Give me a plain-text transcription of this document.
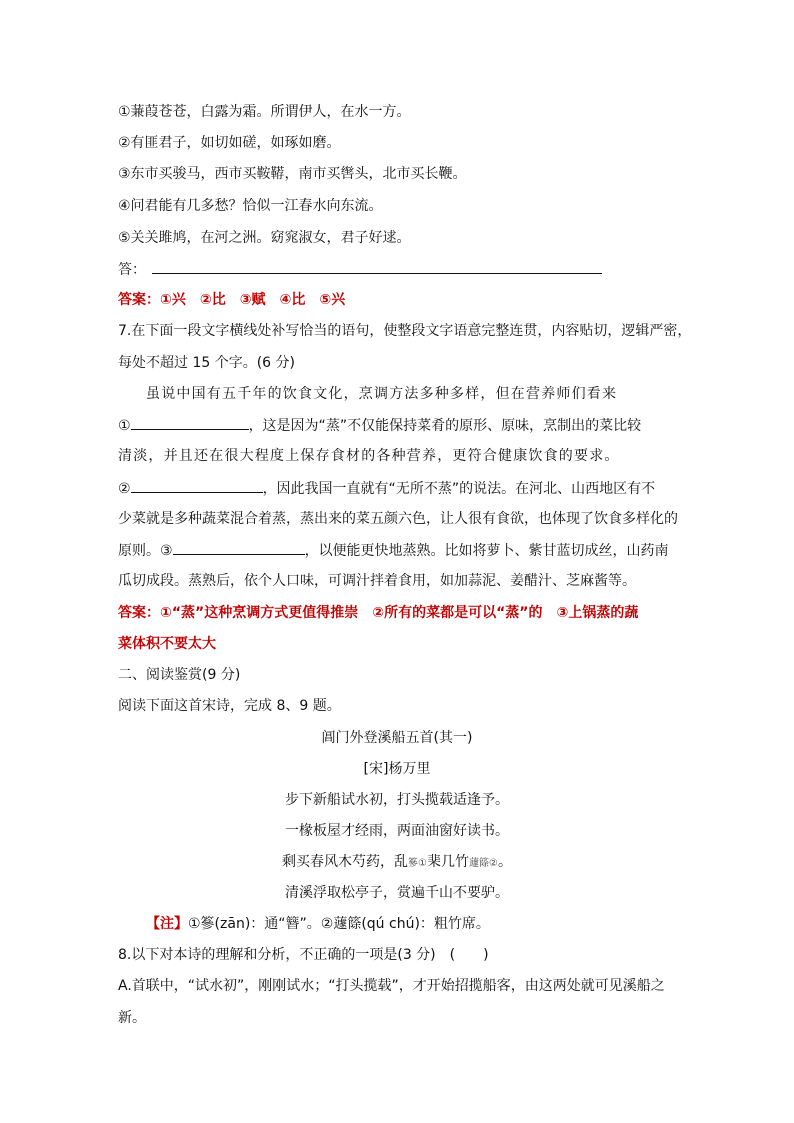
①蒹葭苍苍，白露为霜。所谓伊人，在水一方。
②有匪君子，如切如磋，如琢如磨。
③东市买骏马，西市买鞍鞯，南市买辔头，北市买长鞭。
④问君能有几多愁？恰似一江春水向东流。
⑤关关雎鸠，在河之洲。窈窕淑女，君子好逑。
答：
答案：①兴　②比　③赋　④比　⑤兴
7.在下面一段文字横线处补写恰当的语句，使整段文字语意完整连贯，内容贴切，逻辑严密，
每处不超过 15 个字。(6 分)
虽说中国有五千年的饮食文化，烹调方法多种多样，但在营养师们看来
①	，这是因为“蒸”不仅能保持菜肴的原形、原味，烹制出的菜比较
清淡，并且还在很大程度上保存食材的各种营养，更符合健康饮食的要求。
②	，因此我国一直就有“无所不蒸”的说法。在河北、山西地区有不
少菜就是多种蔬菜混合着蒸，蒸出来的菜五颜六色，让人很有食欲，也体现了饮食多样化的
原则。③	，以便能更快地蒸熟。比如将萝卜、紫甘蓝切成丝，山药南
瓜切成段。蒸熟后，依个人口味，可调汁拌着食用，如加蒜泥、姜醋汁、芝麻酱等。
答案：①“蒸”这种烹调方式更值得推崇　②所有的菜都是可以“蒸”的　③上锅蒸的蔬
菜体积不要太大
二、阅读鉴赏(9 分)
阅读下面这首宋诗，完成 8、9 题。
阊门外登溪船五首(其一)
[宋]杨万里
步下新船试水初，打头揽载适逢予。
一椽板屋才经雨，两面油窗好读书。
剩买春风木芍药，乱篸①棐几竹蘧篨②。
清溪浮取松亭子，赏遍千山不要驴。
【注】①篸(zān)：通“簪”。②蘧篨(qú chú)：粗竹席。
8.以下对本诗的理解和分析，不正确的一项是(3 分)　(　　)
A.首联中，“试水初”，刚刚试水；“打头揽载”，才开始招揽船客，由这两处就可见溪船之
新。
